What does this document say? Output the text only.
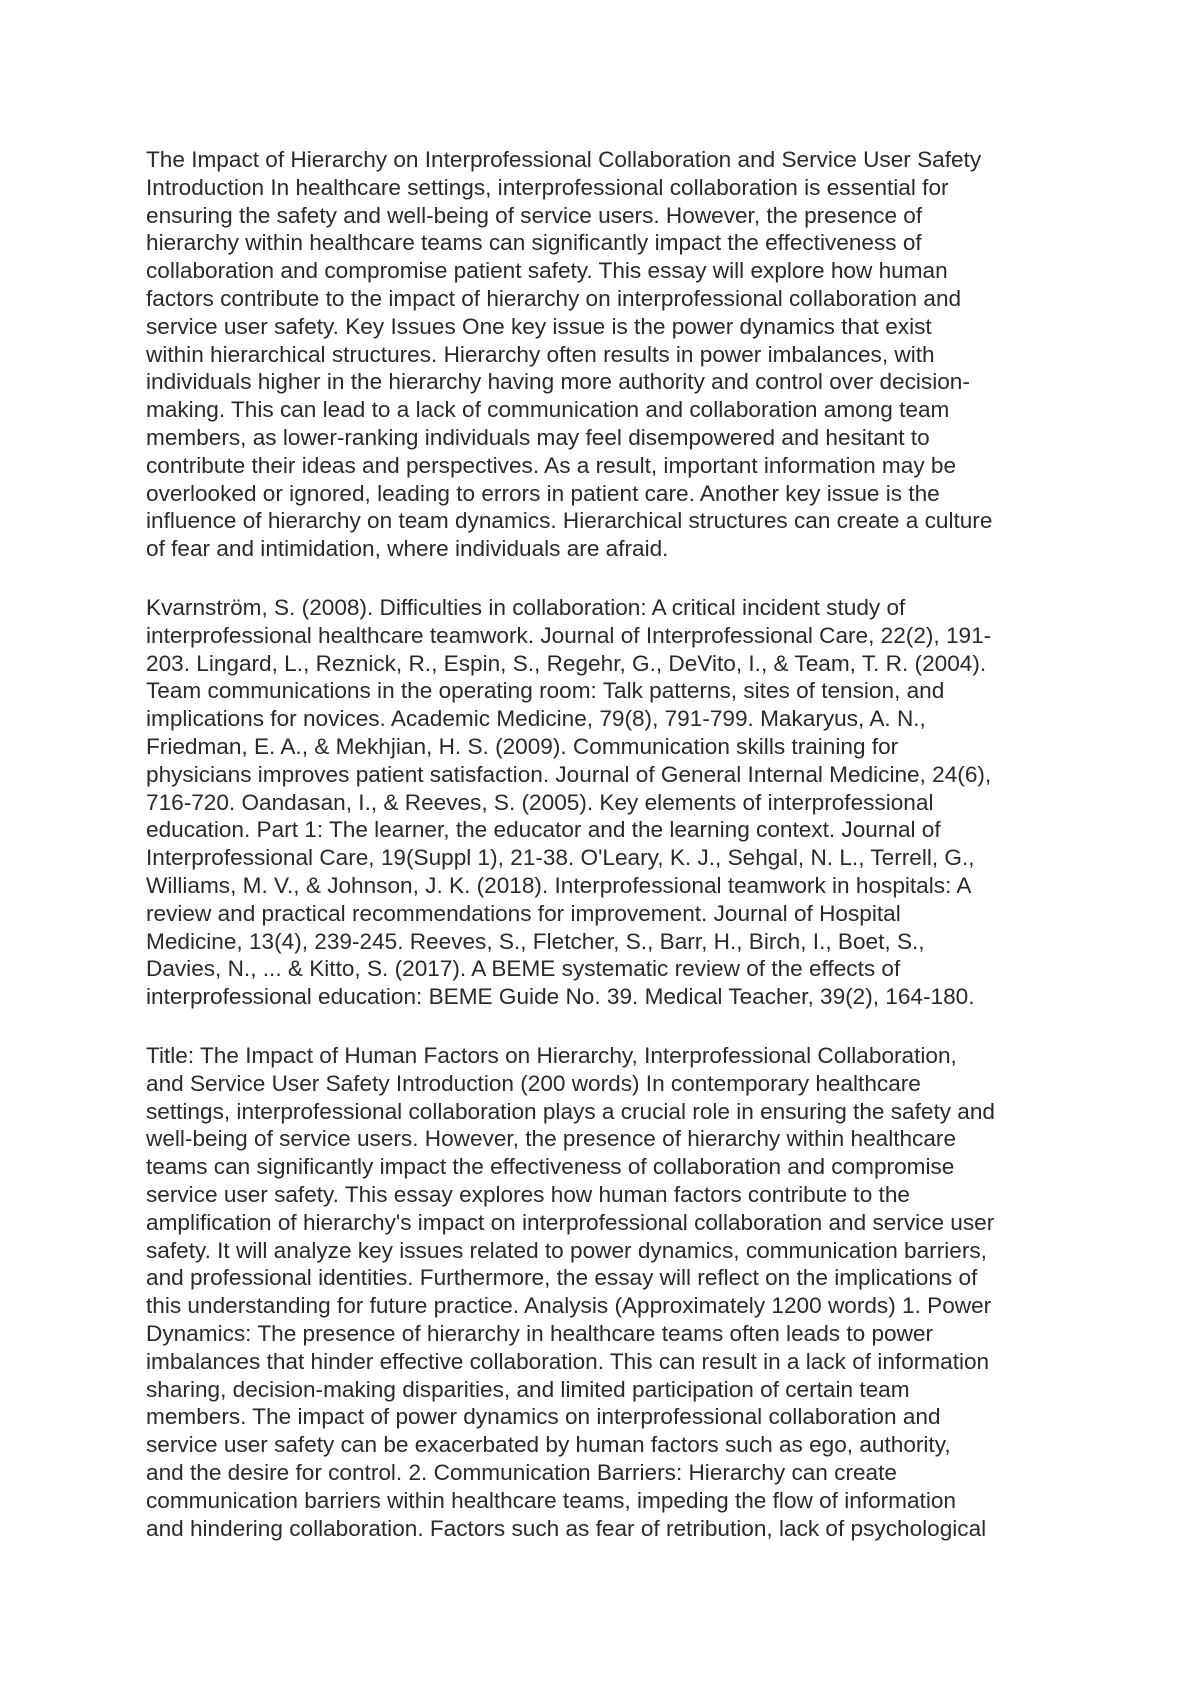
The Impact of Hierarchy on Interprofessional Collaboration and Service User Safety
Introduction In healthcare settings, interprofessional collaboration is essential for
ensuring the safety and well-being of service users. However, the presence of
hierarchy within healthcare teams can significantly impact the effectiveness of
collaboration and compromise patient safety. This essay will explore how human
factors contribute to the impact of hierarchy on interprofessional collaboration and
service user safety. Key Issues One key issue is the power dynamics that exist
within hierarchical structures. Hierarchy often results in power imbalances, with
individuals higher in the hierarchy having more authority and control over decision-
making. This can lead to a lack of communication and collaboration among team
members, as lower-ranking individuals may feel disempowered and hesitant to
contribute their ideas and perspectives. As a result, important information may be
overlooked or ignored, leading to errors in patient care. Another key issue is the
influence of hierarchy on team dynamics. Hierarchical structures can create a culture
of fear and intimidation, where individuals are afraid.

Kvarnström, S. (2008). Difficulties in collaboration: A critical incident study of
interprofessional healthcare teamwork. Journal of Interprofessional Care, 22(2), 191-
203. Lingard, L., Reznick, R., Espin, S., Regehr, G., DeVito, I., & Team, T. R. (2004).
Team communications in the operating room: Talk patterns, sites of tension, and
implications for novices. Academic Medicine, 79(8), 791-799. Makaryus, A. N.,
Friedman, E. A., & Mekhjian, H. S. (2009). Communication skills training for
physicians improves patient satisfaction. Journal of General Internal Medicine, 24(6),
716-720. Oandasan, I., & Reeves, S. (2005). Key elements of interprofessional
education. Part 1: The learner, the educator and the learning context. Journal of
Interprofessional Care, 19(Suppl 1), 21-38. O'Leary, K. J., Sehgal, N. L., Terrell, G.,
Williams, M. V., & Johnson, J. K. (2018). Interprofessional teamwork in hospitals: A
review and practical recommendations for improvement. Journal of Hospital
Medicine, 13(4), 239-245. Reeves, S., Fletcher, S., Barr, H., Birch, I., Boet, S.,
Davies, N., ... & Kitto, S. (2017). A BEME systematic review of the effects of
interprofessional education: BEME Guide No. 39. Medical Teacher, 39(2), 164-180.

Title: The Impact of Human Factors on Hierarchy, Interprofessional Collaboration,
and Service User Safety Introduction (200 words) In contemporary healthcare
settings, interprofessional collaboration plays a crucial role in ensuring the safety and
well-being of service users. However, the presence of hierarchy within healthcare
teams can significantly impact the effectiveness of collaboration and compromise
service user safety. This essay explores how human factors contribute to the
amplification of hierarchy's impact on interprofessional collaboration and service user
safety. It will analyze key issues related to power dynamics, communication barriers,
and professional identities. Furthermore, the essay will reflect on the implications of
this understanding for future practice. Analysis (Approximately 1200 words) 1. Power
Dynamics: The presence of hierarchy in healthcare teams often leads to power
imbalances that hinder effective collaboration. This can result in a lack of information
sharing, decision-making disparities, and limited participation of certain team
members. The impact of power dynamics on interprofessional collaboration and
service user safety can be exacerbated by human factors such as ego, authority,
and the desire for control. 2. Communication Barriers: Hierarchy can create
communication barriers within healthcare teams, impeding the flow of information
and hindering collaboration. Factors such as fear of retribution, lack of psychological
